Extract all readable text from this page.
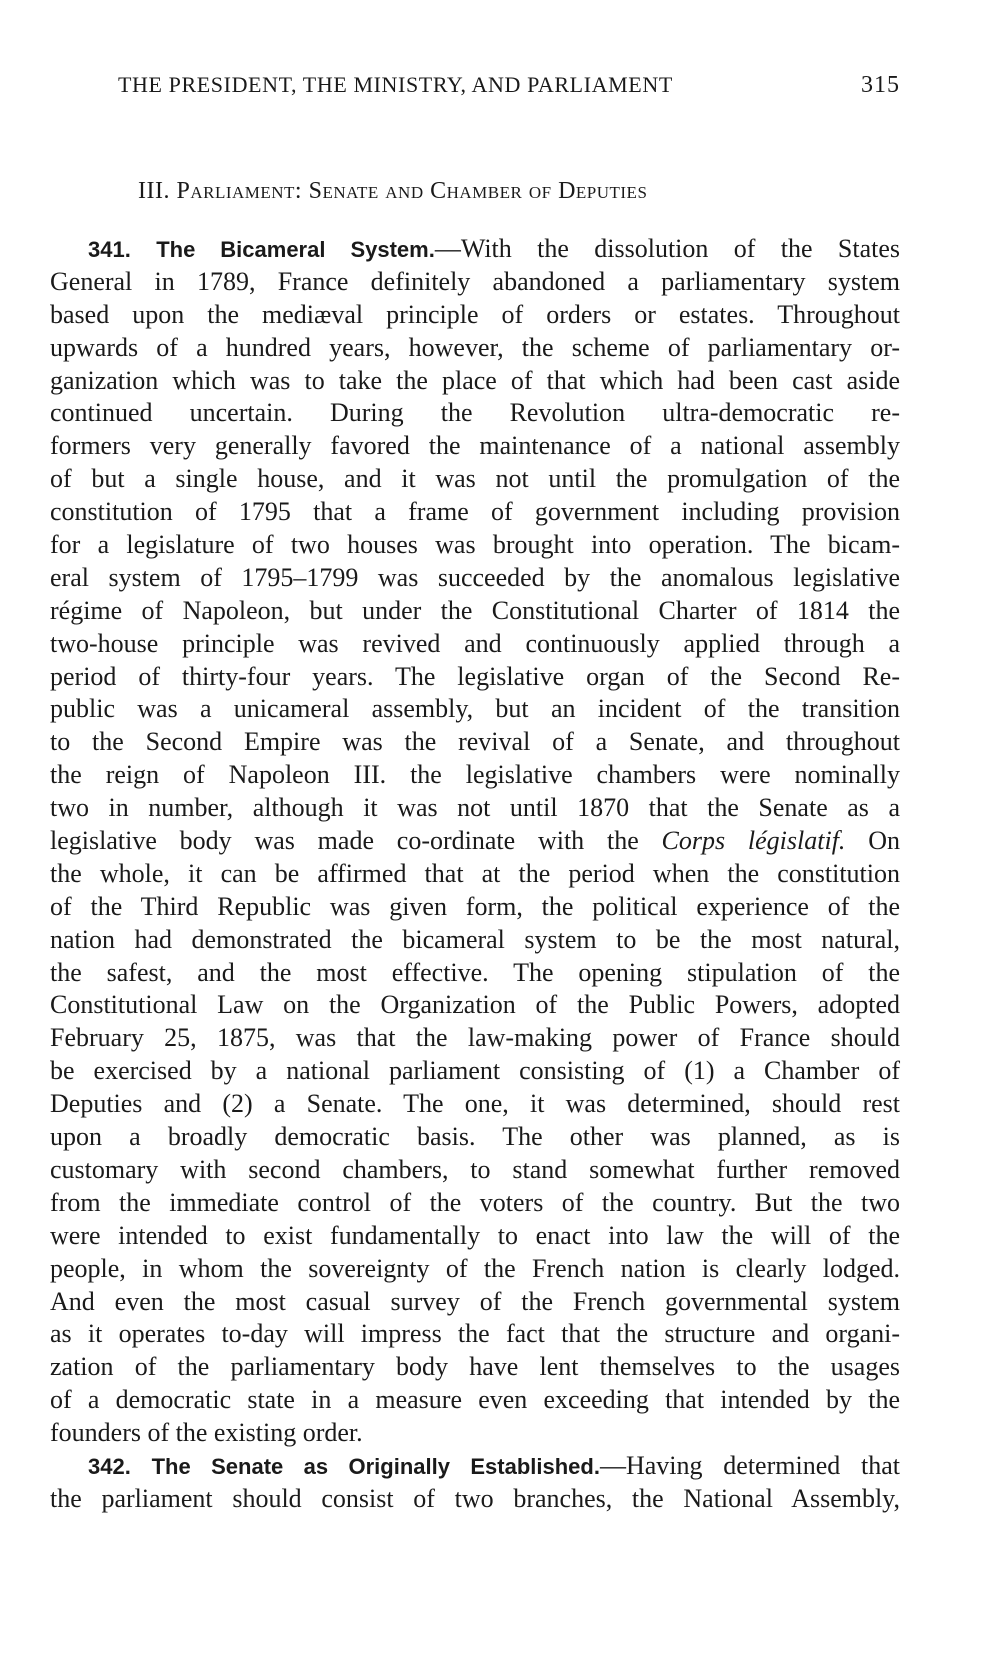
THE PRESIDENT, THE MINISTRY, AND PARLIAMENT	315
III. Parliament: Senate and Chamber of Deputies
341. The Bicameral System.—With the dissolution of the States
General in 1789, France definitely abandoned a parliamentary system
based upon the mediæval principle of orders or estates. Throughout
upwards of a hundred years, however, the scheme of parliamentary or-
ganization which was to take the place of that which had been cast aside
continued uncertain. During the Revolution ultra-democratic re-
formers very generally favored the maintenance of a national assembly
of but a single house, and it was not until the promulgation of the
constitution of 1795 that a frame of government including provision
for a legislature of two houses was brought into operation. The bicam-
eral system of 1795–1799 was succeeded by the anomalous legislative
régime of Napoleon, but under the Constitutional Charter of 1814 the
two-house principle was revived and continuously applied through a
period of thirty-four years. The legislative organ of the Second Re-
public was a unicameral assembly, but an incident of the transition
to the Second Empire was the revival of a Senate, and throughout
the reign of Napoleon III. the legislative chambers were nominally
two in number, although it was not until 1870 that the Senate as a
legislative body was made co-ordinate with the Corps législatif. On
the whole, it can be affirmed that at the period when the constitution
of the Third Republic was given form, the political experience of the
nation had demonstrated the bicameral system to be the most natural,
the safest, and the most effective. The opening stipulation of the
Constitutional Law on the Organization of the Public Powers, adopted
February 25, 1875, was that the law-making power of France should
be exercised by a national parliament consisting of (1) a Chamber of
Deputies and (2) a Senate. The one, it was determined, should rest
upon a broadly democratic basis. The other was planned, as is
customary with second chambers, to stand somewhat further removed
from the immediate control of the voters of the country. But the two
were intended to exist fundamentally to enact into law the will of the
people, in whom the sovereignty of the French nation is clearly lodged.
And even the most casual survey of the French governmental system
as it operates to-day will impress the fact that the structure and organi-
zation of the parliamentary body have lent themselves to the usages
of a democratic state in a measure even exceeding that intended by the
founders of the existing order.
342. The Senate as Originally Established.—Having determined that
the parliament should consist of two branches, the National Assembly,
